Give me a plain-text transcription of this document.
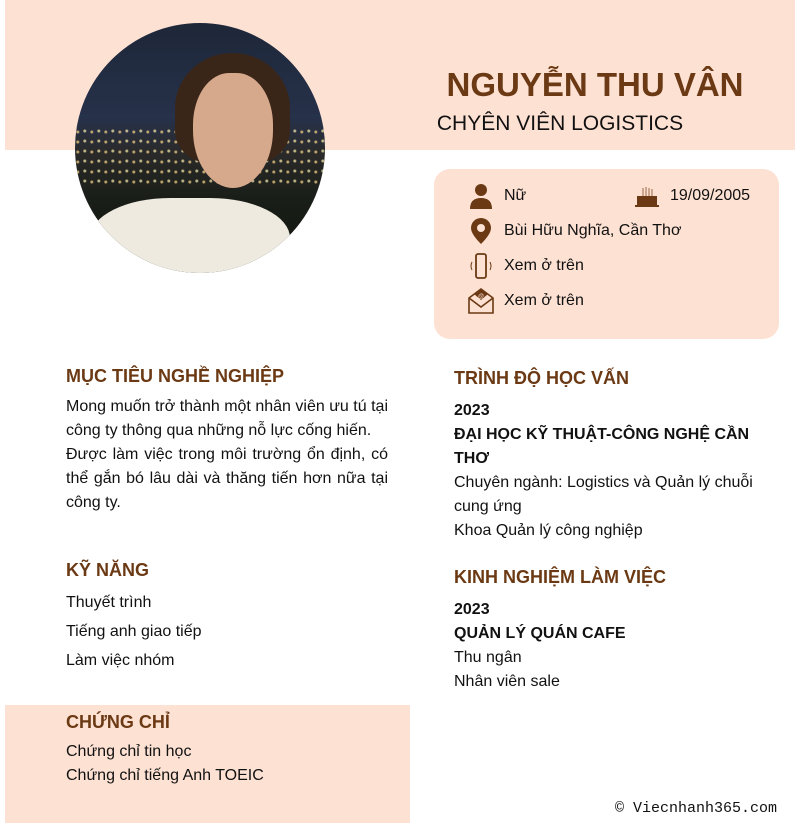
NGUYỄN THU VÂN
CHYÊN VIÊN LOGISTICS
Nữ	19/09/2005
Bùi Hữu Nghĩa, Cần Thơ
Xem ở trên
@ Xem ở trên
MỤC TIÊU NGHỀ NGHIỆP
Mong muốn trở thành một nhân viên ưu tú tại công ty thông qua những nỗ lực cống hiến.
Được làm việc trong môi trường ổn định, có thể gắn bó lâu dài và thăng tiến hơn nữa tại công ty.
KỸ NĂNG
Thuyết trình
Tiếng anh giao tiếp
Làm việc nhóm
CHỨNG CHỈ
Chứng chỉ tin học
Chứng chỉ tiếng Anh TOEIC
TRÌNH ĐỘ HỌC VẤN
2023
ĐẠI HỌC KỸ THUẬT-CÔNG NGHỆ CẦN THƠ
Chuyên ngành: Logistics và Quản lý chuỗi cung ứng
Khoa Quản lý công nghiệp
KINH NGHIỆM LÀM VIỆC
2023
QUẢN LÝ QUÁN CAFE
Thu ngân
Nhân viên sale
© Viecnhanh365.com
